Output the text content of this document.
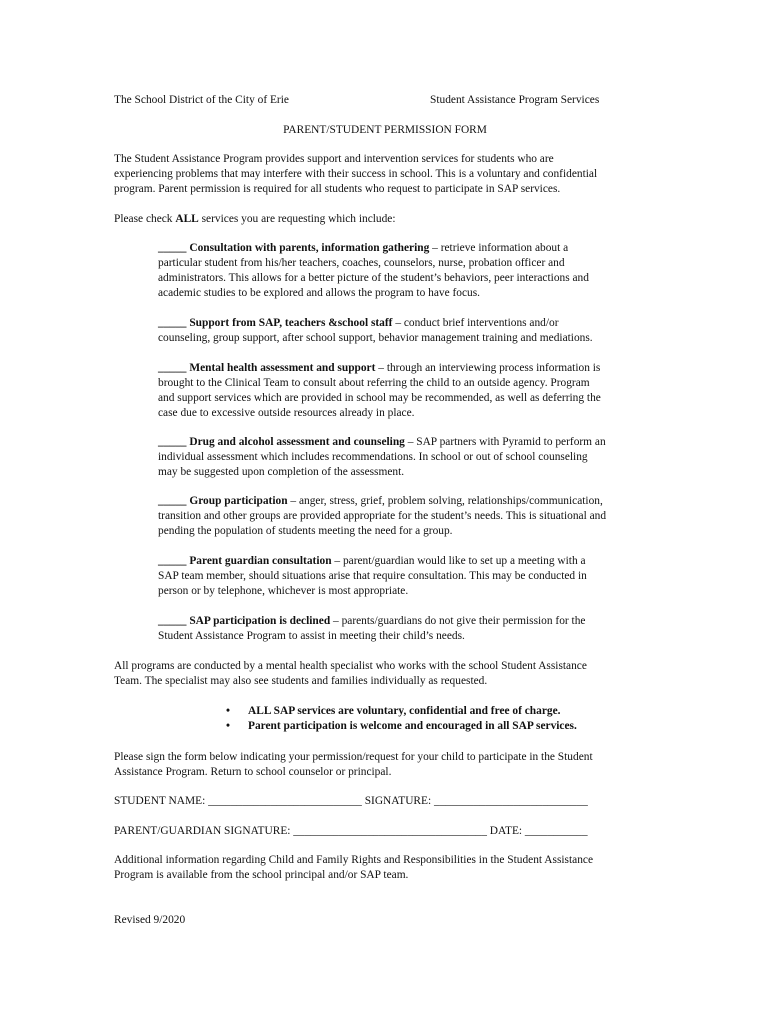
The School District of the City of Erie	Student Assistance Program Services
PARENT/STUDENT PERMISSION FORM
The Student Assistance Program provides support and intervention services for students who are
experiencing problems that may interfere with their success in school. This is a voluntary and confidential
program. Parent permission is required for all students who request to participate in SAP services.
Please check ALL services you are requesting which include:
_____ Consultation with parents, information gathering – retrieve information about a
particular student from his/her teachers, coaches, counselors, nurse, probation officer and
administrators. This allows for a better picture of the student’s behaviors, peer interactions and
academic studies to be explored and allows the program to have focus.
_____ Support from SAP, teachers &school staff – conduct brief interventions and/or
counseling, group support, after school support, behavior management training and mediations.
_____ Mental health assessment and support – through an interviewing process information is
brought to the Clinical Team to consult about referring the child to an outside agency. Program
and support services which are provided in school may be recommended, as well as deferring the
case due to excessive outside resources already in place.
_____ Drug and alcohol assessment and counseling – SAP partners with Pyramid to perform an
individual assessment which includes recommendations. In school or out of school counseling
may be suggested upon completion of the assessment.
_____ Group participation – anger, stress, grief, problem solving, relationships/communication,
transition and other groups are provided appropriate for the student’s needs. This is situational and
pending the population of students meeting the need for a group.
_____ Parent guardian consultation – parent/guardian would like to set up a meeting with a
SAP team member, should situations arise that require consultation. This may be conducted in
person or by telephone, whichever is most appropriate.
_____ SAP participation is declined – parents/guardians do not give their permission for the
Student Assistance Program to assist in meeting their child’s needs.
All programs are conducted by a mental health specialist who works with the school Student Assistance
Team. The specialist may also see students and families individually as requested.
•	ALL SAP services are voluntary, confidential and free of charge.
•	Parent participation is welcome and encouraged in all SAP services.
Please sign the form below indicating your permission/request for your child to participate in the Student
Assistance Program. Return to school counselor or principal.
STUDENT NAME: ___________________________ SIGNATURE: ___________________________
PARENT/GUARDIAN SIGNATURE: __________________________________ DATE: ___________
Additional information regarding Child and Family Rights and Responsibilities in the Student Assistance
Program is available from the school principal and/or SAP team.
Revised 9/2020
